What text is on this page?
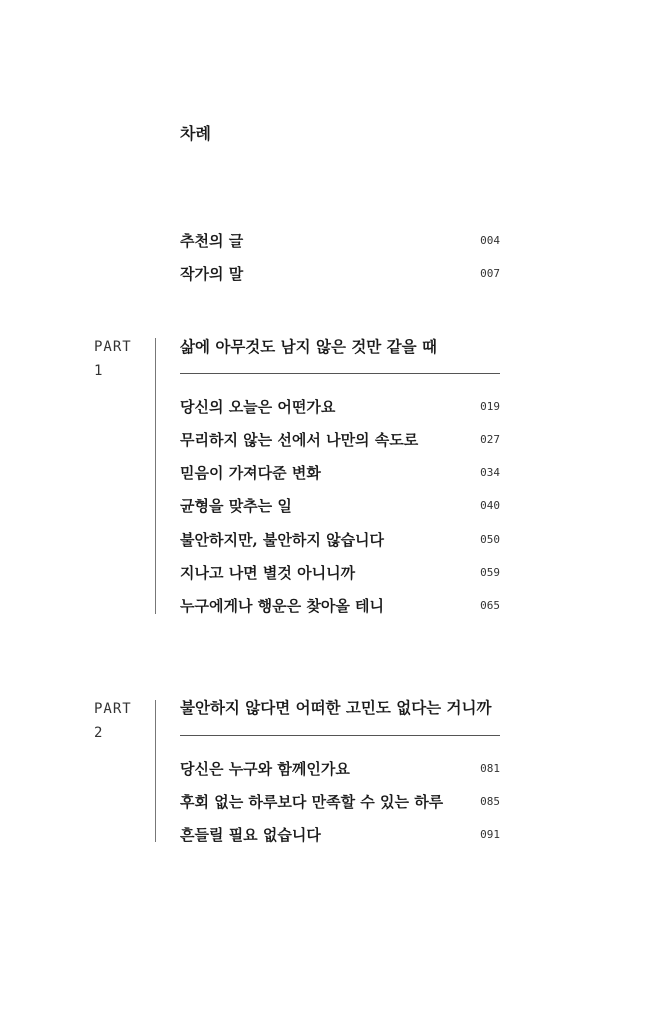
차례
추천의 글	004
작가의 말	007
PART
1
삶에 아무것도 남지 않은 것만 같을 때
당신의 오늘은 어떤가요	019
무리하지 않는 선에서 나만의 속도로	027
믿음이 가져다준 변화	034
균형을 맞추는 일	040
불안하지만, 불안하지 않습니다	050
지나고 나면 별것 아니니까	059
누구에게나 행운은 찾아올 테니	065
PART
2
불안하지 않다면 어떠한 고민도 없다는 거니까
당신은 누구와 함께인가요	081
후회 없는 하루보다 만족할 수 있는 하루	085
흔들릴 필요 없습니다	091
